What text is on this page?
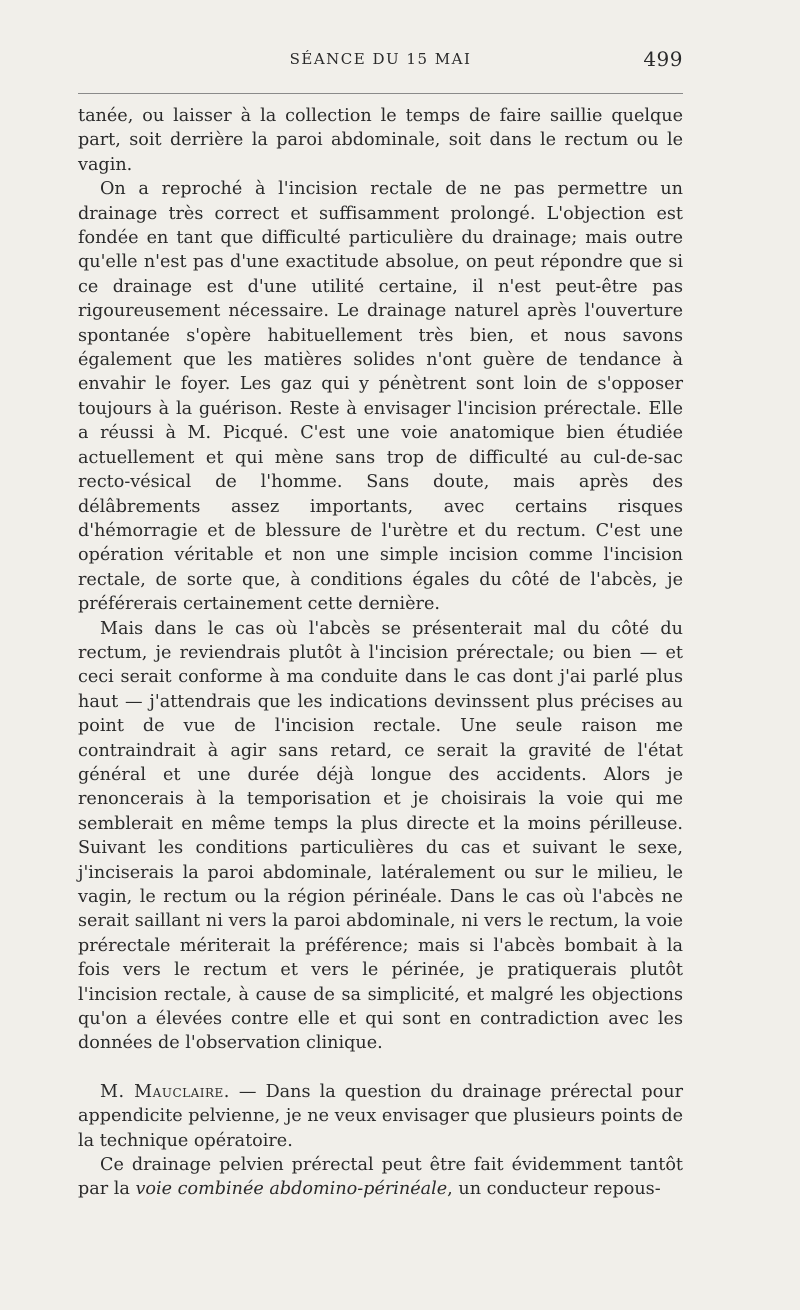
SÉANCE DU 15 MAI	499

tanée, ou laisser à la collection le temps de faire saillie quelque part, soit derrière la paroi abdominale, soit dans le rectum ou le vagin.

On a reproché à l'incision rectale de ne pas permettre un drainage très correct et suffisamment prolongé. L'objection est fondée en tant que difficulté particulière du drainage; mais outre qu'elle n'est pas d'une exactitude absolue, on peut répondre que si ce drainage est d'une utilité certaine, il n'est peut-être pas rigoureusement nécessaire. Le drainage naturel après l'ouverture spontanée s'opère habituellement très bien, et nous savons également que les matières solides n'ont guère de tendance à envahir le foyer. Les gaz qui y pénètrent sont loin de s'opposer toujours à la guérison. Reste à envisager l'incision prérectale. Elle a réussi à M. Picqué. C'est une voie anatomique bien étudiée actuellement et qui mène sans trop de difficulté au cul-de-sac recto-vésical de l'homme. Sans doute, mais après des délâbrements assez importants, avec certains risques d'hémorragie et de blessure de l'urètre et du rectum. C'est une opération véritable et non une simple incision comme l'incision rectale, de sorte que, à conditions égales du côté de l'abcès, je préférerais certainement cette dernière.

Mais dans le cas où l'abcès se présenterait mal du côté du rectum, je reviendrais plutôt à l'incision prérectale; ou bien — et ceci serait conforme à ma conduite dans le cas dont j'ai parlé plus haut — j'attendrais que les indications devinssent plus précises au point de vue de l'incision rectale. Une seule raison me contraindrait à agir sans retard, ce serait la gravité de l'état général et une durée déjà longue des accidents. Alors je renoncerais à la temporisation et je choisirais la voie qui me semblerait en même temps la plus directe et la moins périlleuse. Suivant les conditions particulières du cas et suivant le sexe, j'inciserais la paroi abdominale, latéralement ou sur le milieu, le vagin, le rectum ou la région périnéale. Dans le cas où l'abcès ne serait saillant ni vers la paroi abdominale, ni vers le rectum, la voie prérectale mériterait la préférence; mais si l'abcès bombait à la fois vers le rectum et vers le périnée, je pratiquerais plutôt l'incision rectale, à cause de sa simplicité, et malgré les objections qu'on a élevées contre elle et qui sont en contradiction avec les données de l'observation clinique.

M. Mauclaire. — Dans la question du drainage prérectal pour appendicite pelvienne, je ne veux envisager que plusieurs points de la technique opératoire.

Ce drainage pelvien prérectal peut être fait évidemment tantôt par la voie combinée abdomino-périnéale, un conducteur repous-
